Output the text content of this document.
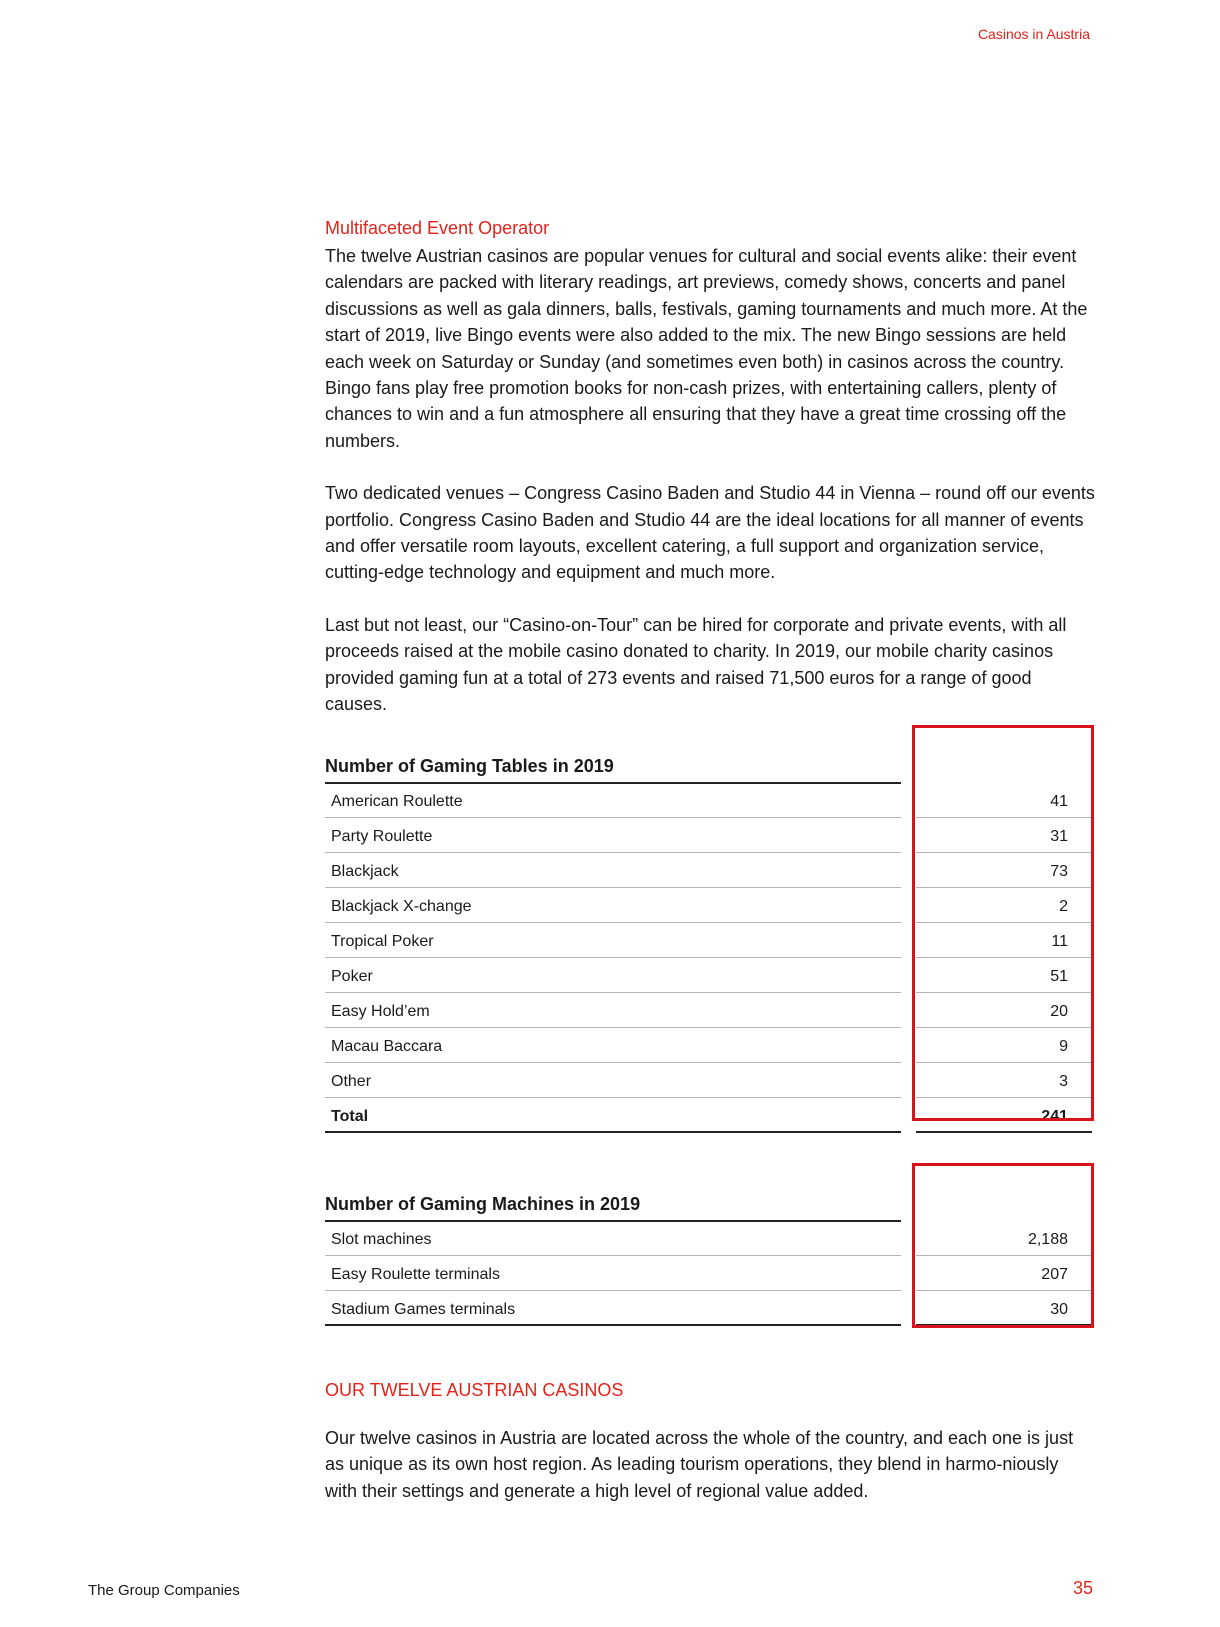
Casinos in Austria
Multifaceted Event Operator

The twelve Austrian casinos are popular venues for cultural and social events alike: their event calendars are packed with literary readings, art previews, comedy shows, concerts and panel discussions as well as gala dinners, balls, festivals, gaming tournaments and much more. At the start of 2019, live Bingo events were also added to the mix. The new Bingo sessions are held each week on Saturday or Sunday (and sometimes even both) in casinos across the country. Bingo fans play free promotion books for non-cash prizes, with entertaining callers, plenty of chances to win and a fun atmosphere all ensuring that they have a great time crossing off the numbers.

Two dedicated venues – Congress Casino Baden and Studio 44 in Vienna – round off our events portfolio. Congress Casino Baden and Studio 44 are the ideal locations for all manner of events and offer versatile room layouts, excellent catering, a full support and organization service, cutting-edge technology and equipment and much more.

Last but not least, our “Casino-on-Tour” can be hired for corporate and private events, with all proceeds raised at the mobile casino donated to charity. In 2019, our mobile charity casinos provided gaming fun at a total of 273 events and raised 71,500 euros for a range of good causes.

Number of Gaming Tables in 2019
American Roulette	41
Party Roulette	31
Blackjack	73
Blackjack X-change	2
Tropical Poker	11
Poker	51
Easy Hold’em	20
Macau Baccara	9
Other	3
Total	241
Number of Gaming Machines in 2019
Slot machines	2,188
Easy Roulette terminals	207
Stadium Games terminals	30
OUR TWELVE AUSTRIAN CASINOS

Our twelve casinos in Austria are located across the whole of the country, and each one is just as unique as its own host region. As leading tourism operations, they blend in harmo-niously with their settings and generate a high level of regional value added.

The Group Companies	35
